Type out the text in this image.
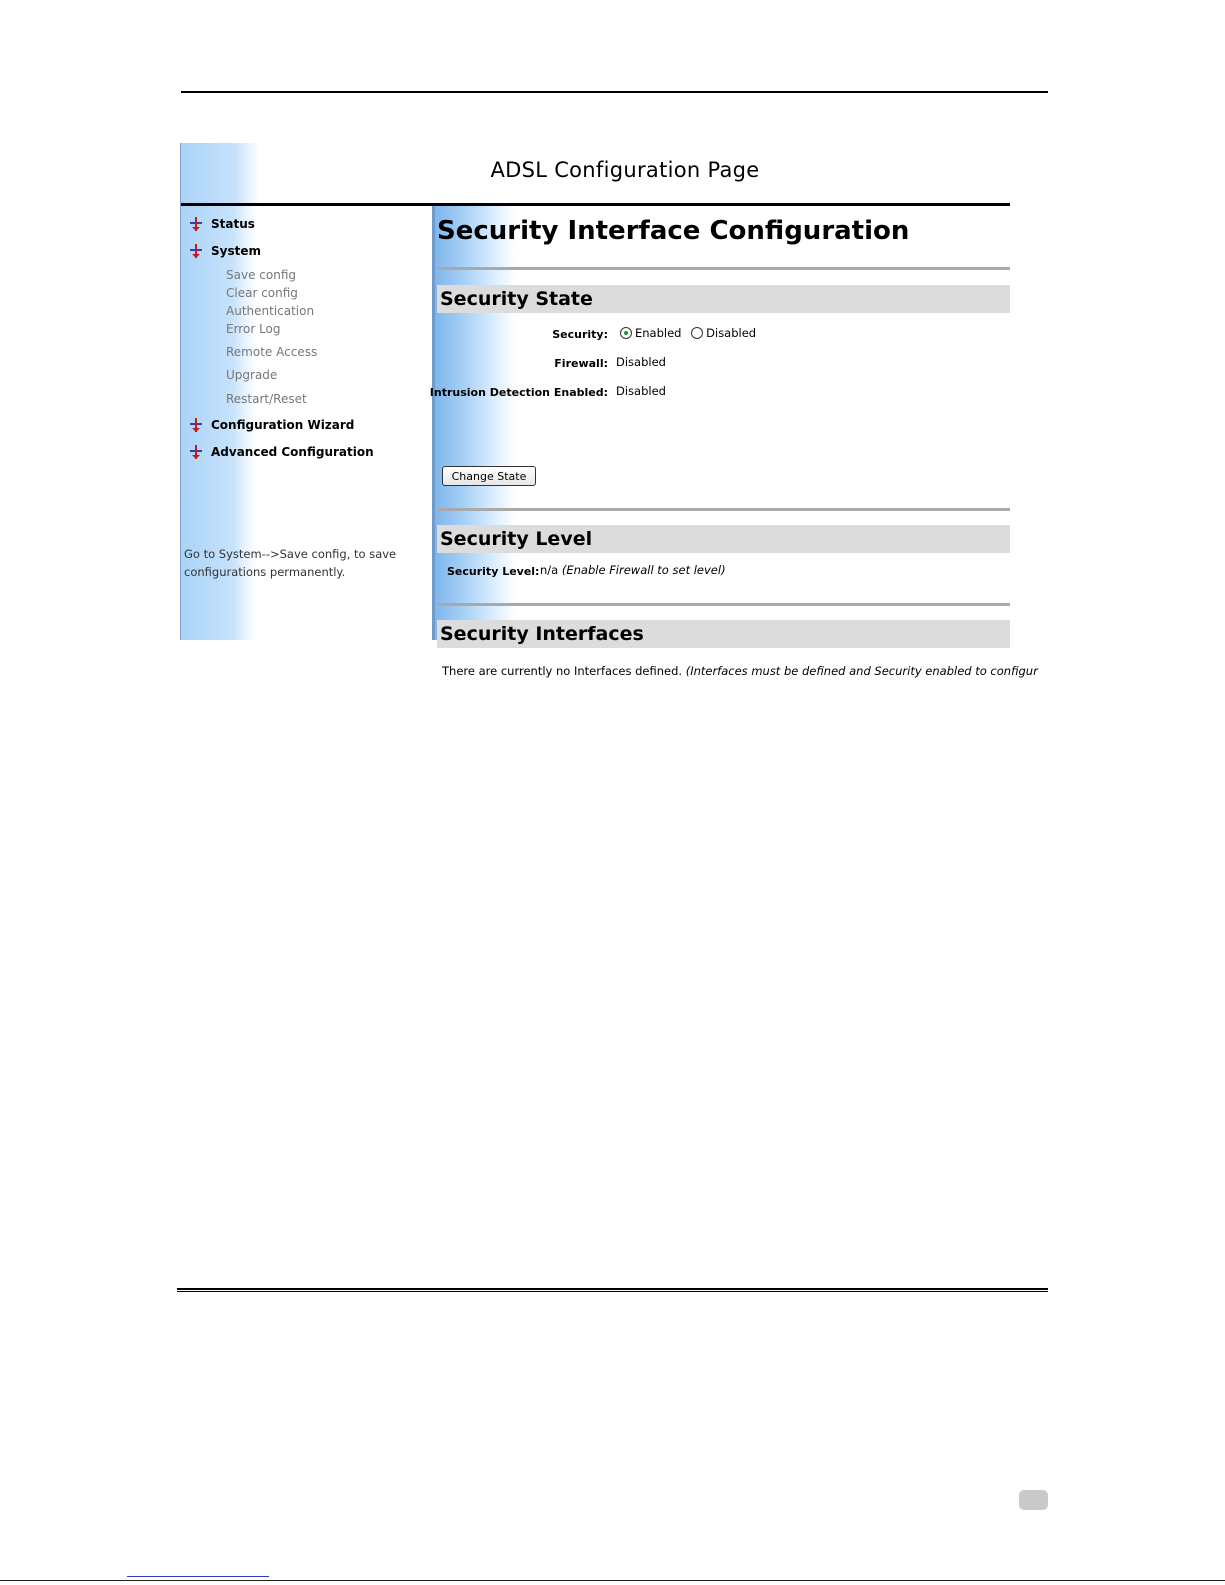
ADSL Configuration Page
Status
System
Save config
Clear config
Authentication
Error Log
Remote Access
Upgrade
Restart/Reset
Configuration Wizard
Advanced Configuration
Go to System-->Save config, to save configurations permanently.
Security Interface Configuration
Security State
Security:	Enabled Disabled
Firewall: Disabled
Intrusion Detection Enabled: Disabled
Change State
Security Level
Security Level: n/a (Enable Firewall to set level)
Security Interfaces
There are currently no Interfaces defined. (Interfaces must be defined and Security enabled to configur
